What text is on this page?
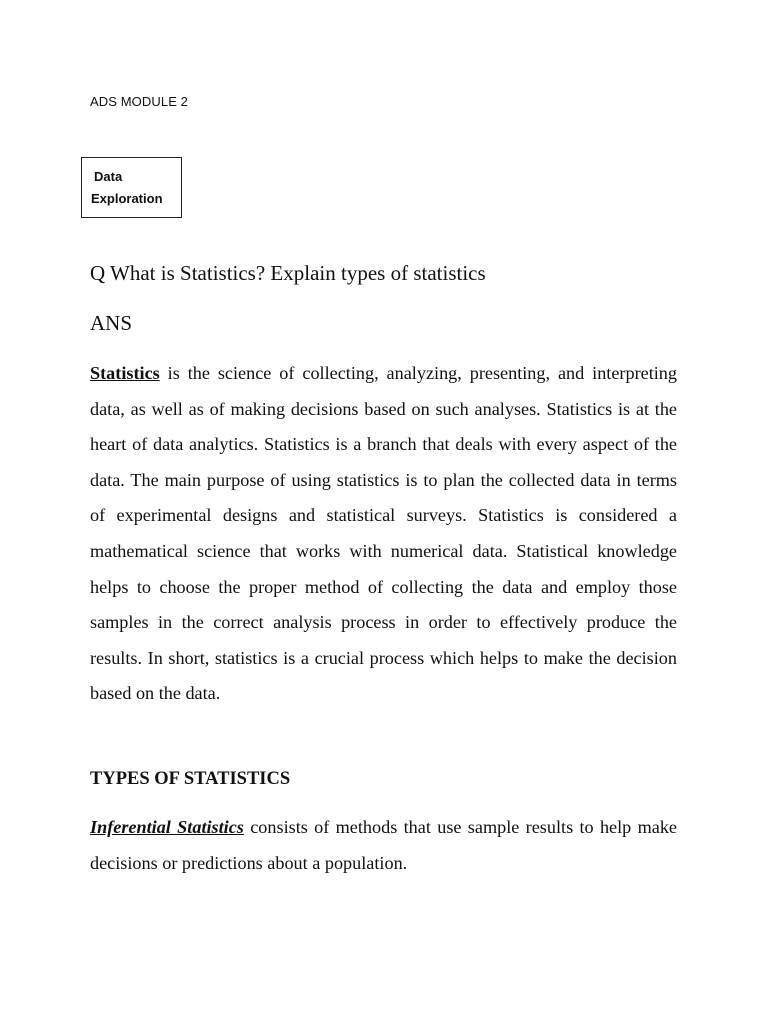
ADS MODULE 2
Data
Exploration
Q What is Statistics? Explain types of statistics
ANS
Statistics is the science of collecting, analyzing, presenting, and interpreting data, as well as of making decisions based on such analyses. Statistics is at the heart of data analytics. Statistics is a branch that deals with every aspect of the data. The main purpose of using statistics is to plan the collected data in terms of experimental designs and statistical surveys. Statistics is considered a mathematical science that works with numerical data. Statistical knowledge helps to choose the proper method of collecting the data and employ those samples in the correct analysis process in order to effectively produce the results. In short, statistics is a crucial process which helps to make the decision based on the data.
TYPES OF STATISTICS
Inferential Statistics consists of methods that use sample results to help make decisions or predictions about a population.
